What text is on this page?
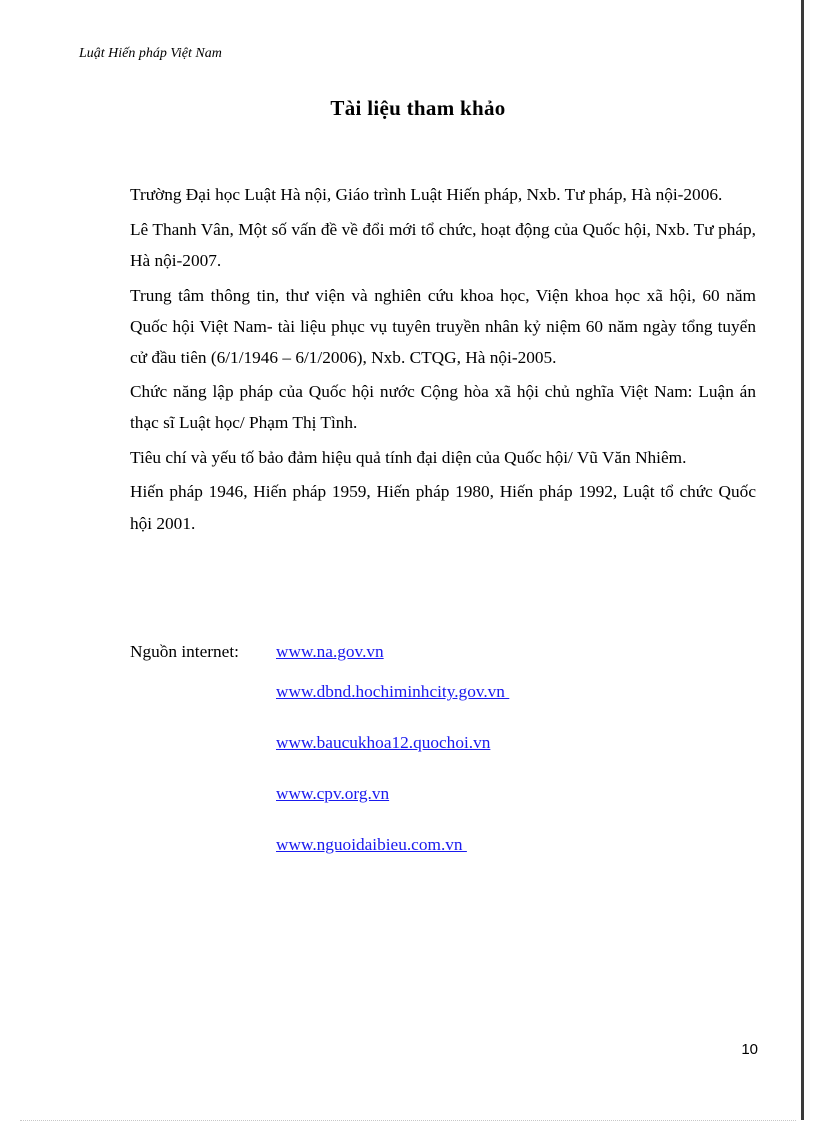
Luật Hiến pháp Việt Nam
Tài liệu tham khảo
Trường Đại học Luật Hà nội, Giáo trình Luật Hiến pháp, Nxb. Tư pháp, Hà nội-2006.
Lê Thanh Vân, Một số vấn đề về đổi mới tổ chức, hoạt động của Quốc hội, Nxb. Tư pháp, Hà nội-2007.
Trung tâm thông tin, thư viện và nghiên cứu khoa học, Viện khoa học xã hội, 60 năm Quốc hội Việt Nam- tài liệu phục vụ tuyên truyền nhân kỷ niệm 60 năm ngày tổng tuyển cử đầu tiên (6/1/1946 – 6/1/2006), Nxb. CTQG, Hà nội-2005.
Chức năng lập pháp của Quốc hội nước Cộng hòa xã hội chủ nghĩa Việt Nam: Luận án thạc sĩ Luật học/ Phạm Thị Tình.
Tiêu chí và yếu tố bảo đảm hiệu quả tính đại diện của Quốc hội/ Vũ Văn Nhiêm.
Hiến pháp 1946, Hiến pháp 1959, Hiến pháp 1980, Hiến pháp 1992, Luật tổ chức Quốc hội 2001.
Nguồn internet: www.na.gov.vn
www.dbnd.hochiminhcity.gov.vn
www.baucukhoa12.quochoi.vn
www.cpv.org.vn
www.nguoidaibieu.com.vn
10
